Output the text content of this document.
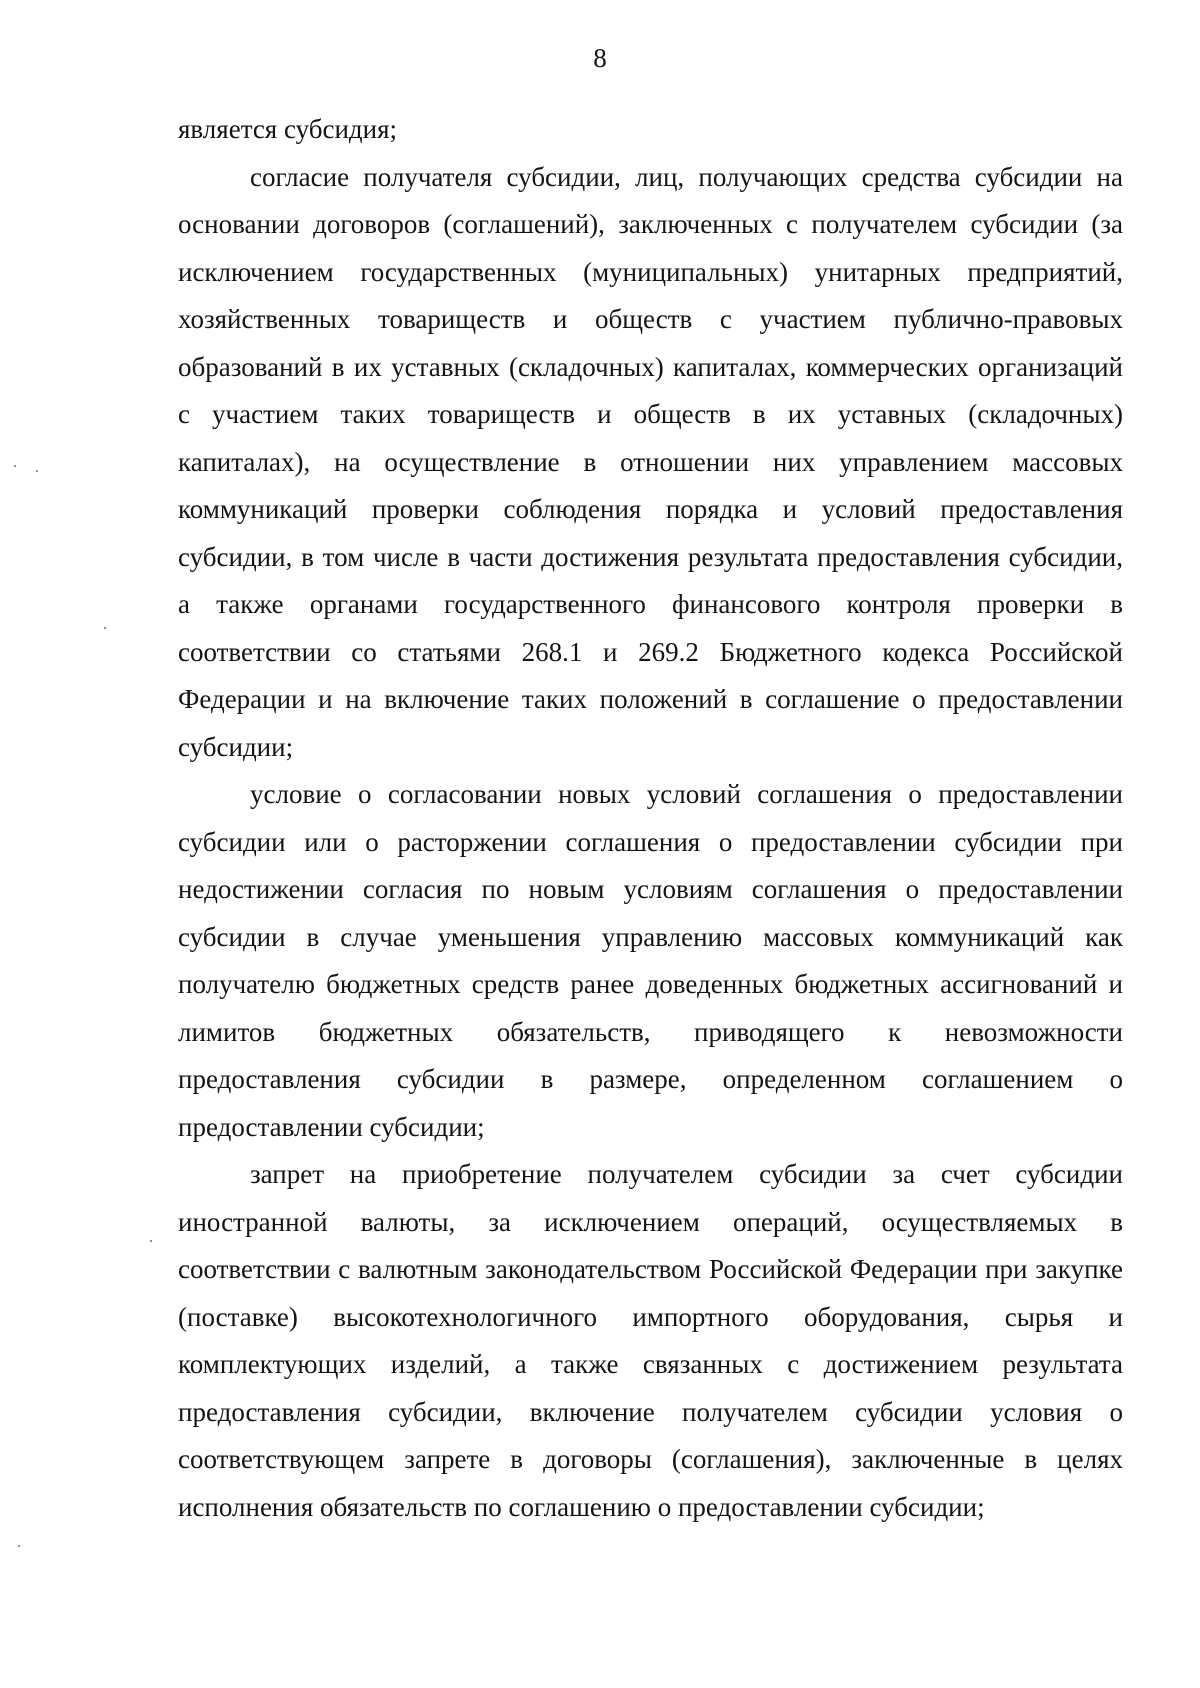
8

является субсидия;

согласие получателя субсидии, лиц, получающих средства субсидии на основании договоров (соглашений), заключенных с получателем субсидии (за исключением государственных (муниципальных) унитарных предприятий, хозяйственных товариществ и обществ с участием публично-правовых образований в их уставных (складочных) капиталах, коммерческих организаций с участием таких товариществ и обществ в их уставных (складочных) капиталах), на осуществление в отношении них управлением массовых коммуникаций проверки соблюдения порядка и условий предоставления субсидии, в том числе в части достижения результата предоставления субсидии, а также органами государственного финансового контроля проверки в соответствии со статьями 268.1 и 269.2 Бюджетного кодекса Российской Федерации и на включение таких положений в соглашение о предоставлении субсидии;

условие о согласовании новых условий соглашения о предоставлении субсидии или о расторжении соглашения о предоставлении субсидии при недостижении согласия по новым условиям соглашения о предоставлении субсидии в случае уменьшения управлению массовых коммуникаций как получателю бюджетных средств ранее доведенных бюджетных ассигнований и лимитов бюджетных обязательств, приводящего к невозможности предоставления субсидии в размере, определенном соглашением о предоставлении субсидии;

запрет на приобретение получателем субсидии за счет субсидии иностранной валюты, за исключением операций, осуществляемых в соответствии с валютным законодательством Российской Федерации при закупке (поставке) высокотехнологичного импортного оборудования, сырья и комплектующих изделий, а также связанных с достижением результата предоставления субсидии, включение получателем субсидии условия о соответствующем запрете в договоры (соглашения), заключенные в целях исполнения обязательств по соглашению о предоставлении субсидии;
